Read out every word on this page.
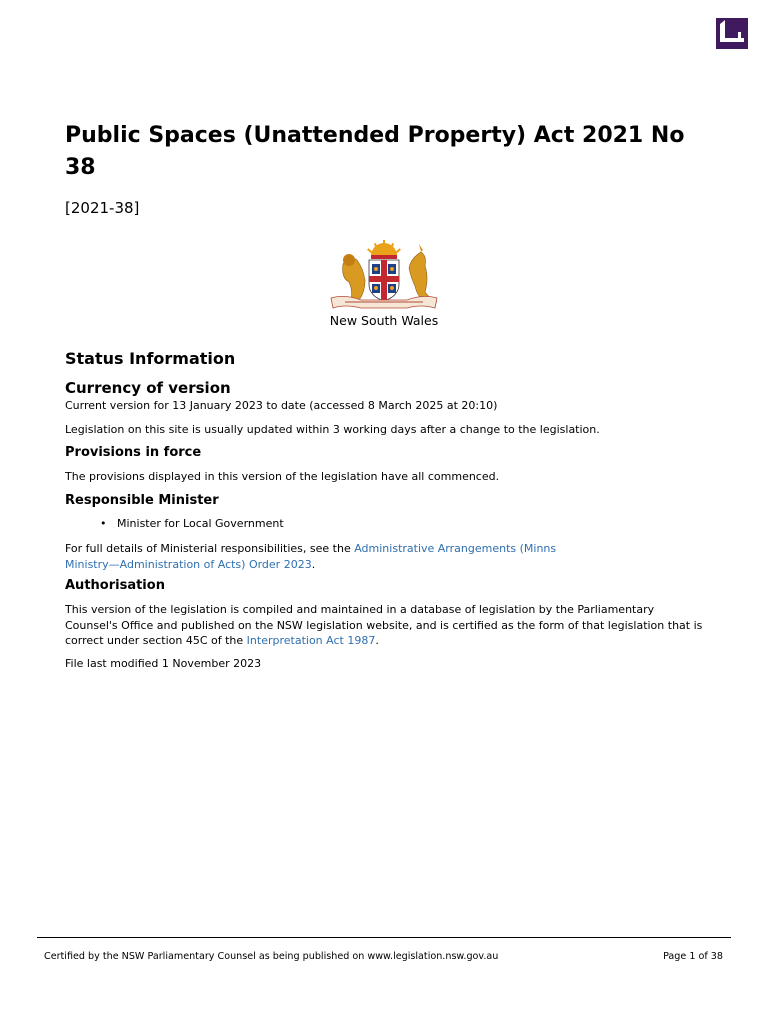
Public Spaces (Unattended Property) Act 2021 No 38
[2021-38]
New South Wales
Status Information
Currency of version

Current version for 13 January 2023 to date (accessed 8 March 2025 at 20:10)

Legislation on this site is usually updated within 3 working days after a change to the legislation.

Provisions in force

The provisions displayed in this version of the legislation have all commenced.

Responsible Minister
• Minister for Local Government

For full details of Ministerial responsibilities, see the Administrative Arrangements (Minns Ministry—Administration of Acts) Order 2023.

Authorisation

This version of the legislation is compiled and maintained in a database of legislation by the Parliamentary Counsel's Office and published on the NSW legislation website, and is certified as the form of that legislation that is correct under section 45C of the Interpretation Act 1987.

File last modified 1 November 2023

Certified by the NSW Parliamentary Counsel as being published on www.legislation.nsw.gov.au	Page 1 of 38
